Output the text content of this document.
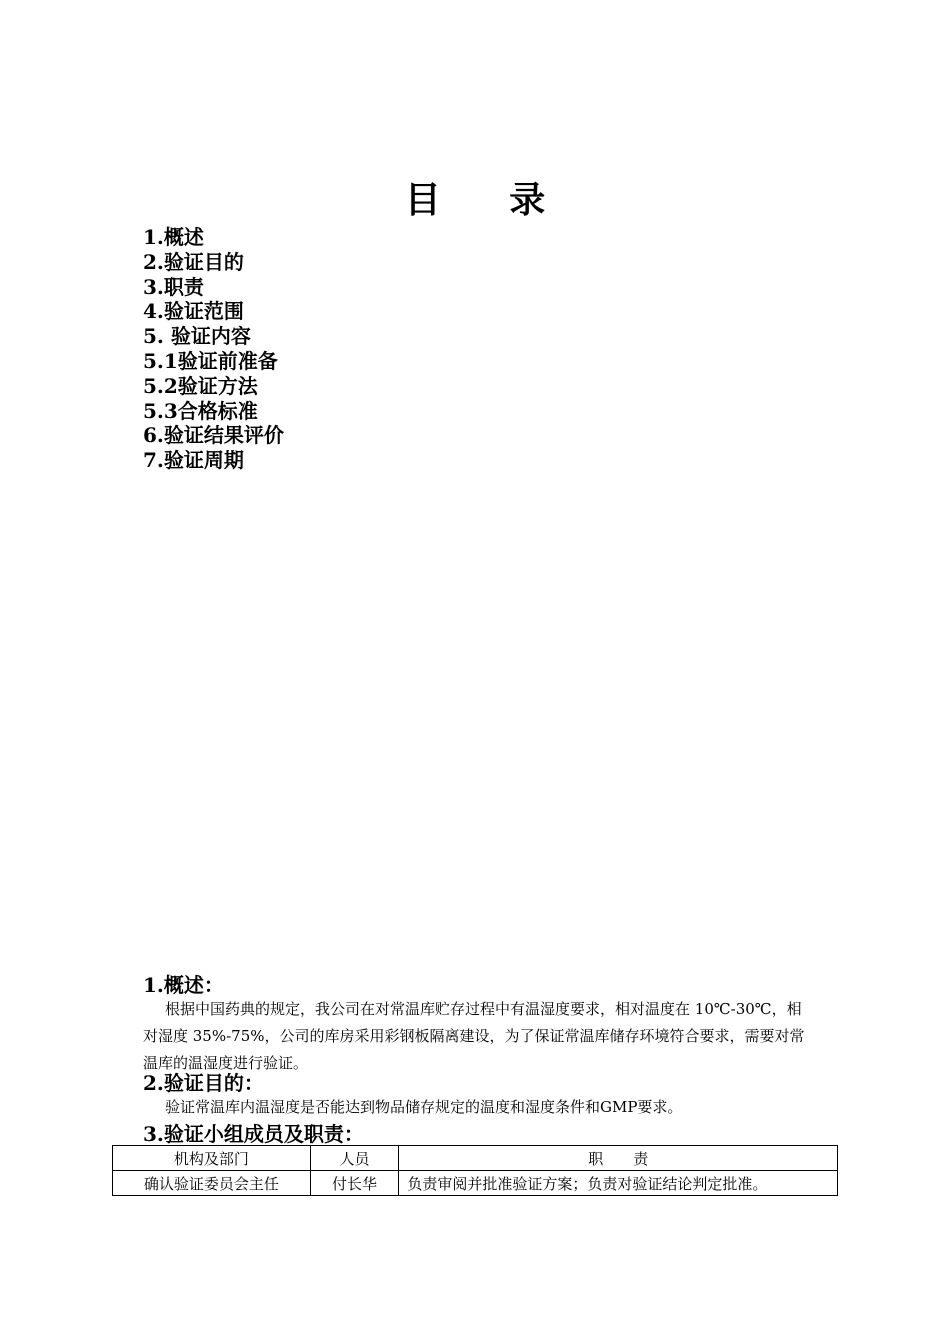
目 录
1.概述
2.验证目的
3.职责
4.验证范围
5. 验证内容
5.1验证前准备
5.2验证方法
5.3合格标准
6.验证结果评价
7.验证周期
1.概述：
根据中国药典的规定，我公司在对常温库贮存过程中有温湿度要求，相对温度在 10℃-30℃，相对湿度 35%-75%，公司的库房采用彩钢板隔离建设，为了保证常温库储存环境符合要求，需要对常温库的温湿度进行验证。
2.验证目的：
验证常温库内温湿度是否能达到物品储存规定的温度和湿度条件和GMP要求。
3.验证小组成员及职责：
机构及部门	人员	职　　责
确认验证委员会主任	付长华	负责审阅并批准验证方案；负责对验证结论判定批准。
